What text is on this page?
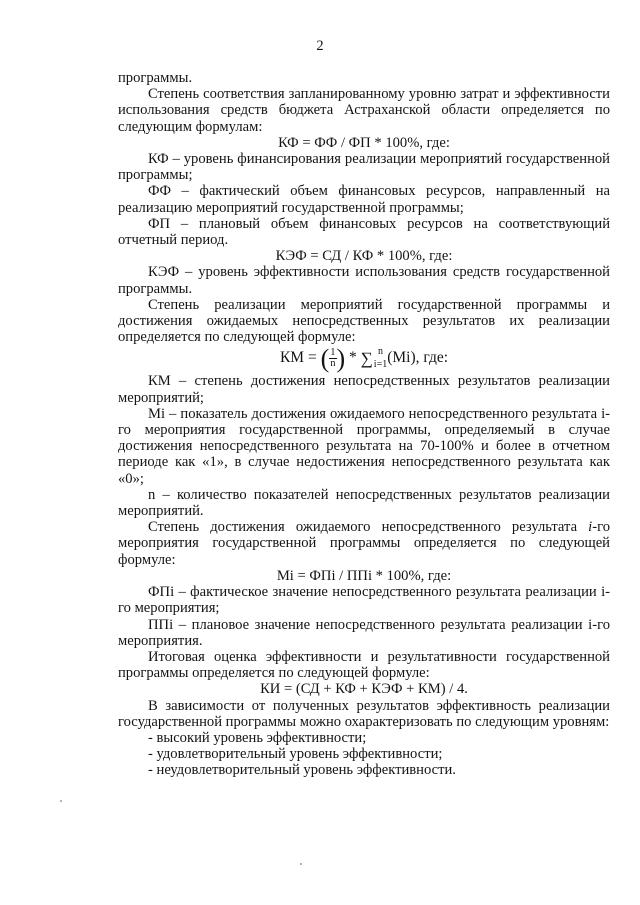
2

программы.

Степень соответствия запланированному уровню затрат и эффективности использования средств бюджета Астраханской области определяется по следующим формулам:

КФ = ФФ / ФП * 100%, где:

КФ – уровень финансирования реализации мероприятий государственной программы;

ФФ – фактический объем финансовых ресурсов, направленный на реализацию мероприятий государственной программы;

ФП – плановый объем финансовых ресурсов на соответствующий отчетный период.

КЭФ = СД / КФ * 100%, где:

КЭФ – уровень эффективности использования средств государственной программы.

Степень реализации мероприятий государственной программы и достижения ожидаемых непосредственных результатов их реализации определяется по следующей формуле:

КМ = ( $\frac{1}{n}$ ) * ∑ n
i=1 (Mi), где:

КМ – степень достижения непосредственных результатов реализации мероприятий;

Mi – показатель достижения ожидаемого непосредственного результата i-го мероприятия государственной программы, определяемый в случае достижения непосредственного результата на 70-100% и более в отчетном периоде как «1», в случае недостижения непосредственного результата как «0»;

n – количество показателей непосредственных результатов реализации мероприятий.

Степень достижения ожидаемого непосредственного результата i-го мероприятия государственной программы определяется по следующей формуле:

Mi = ФПi / ППi * 100%, где:

ФПi – фактическое значение непосредственного результата реализации i-го мероприятия;

ППi – плановое значение непосредственного результата реализации i-го мероприятия.

Итоговая оценка эффективности и результативности государственной программы определяется по следующей формуле:

КИ = (СД + КФ + КЭФ + КМ) / 4.

В зависимости от полученных результатов эффективность реализации государственной программы можно охарактеризовать по следующим уровням:

- высокий уровень эффективности;

- удовлетворительный уровень эффективности;

- неудовлетворительный уровень эффективности.
